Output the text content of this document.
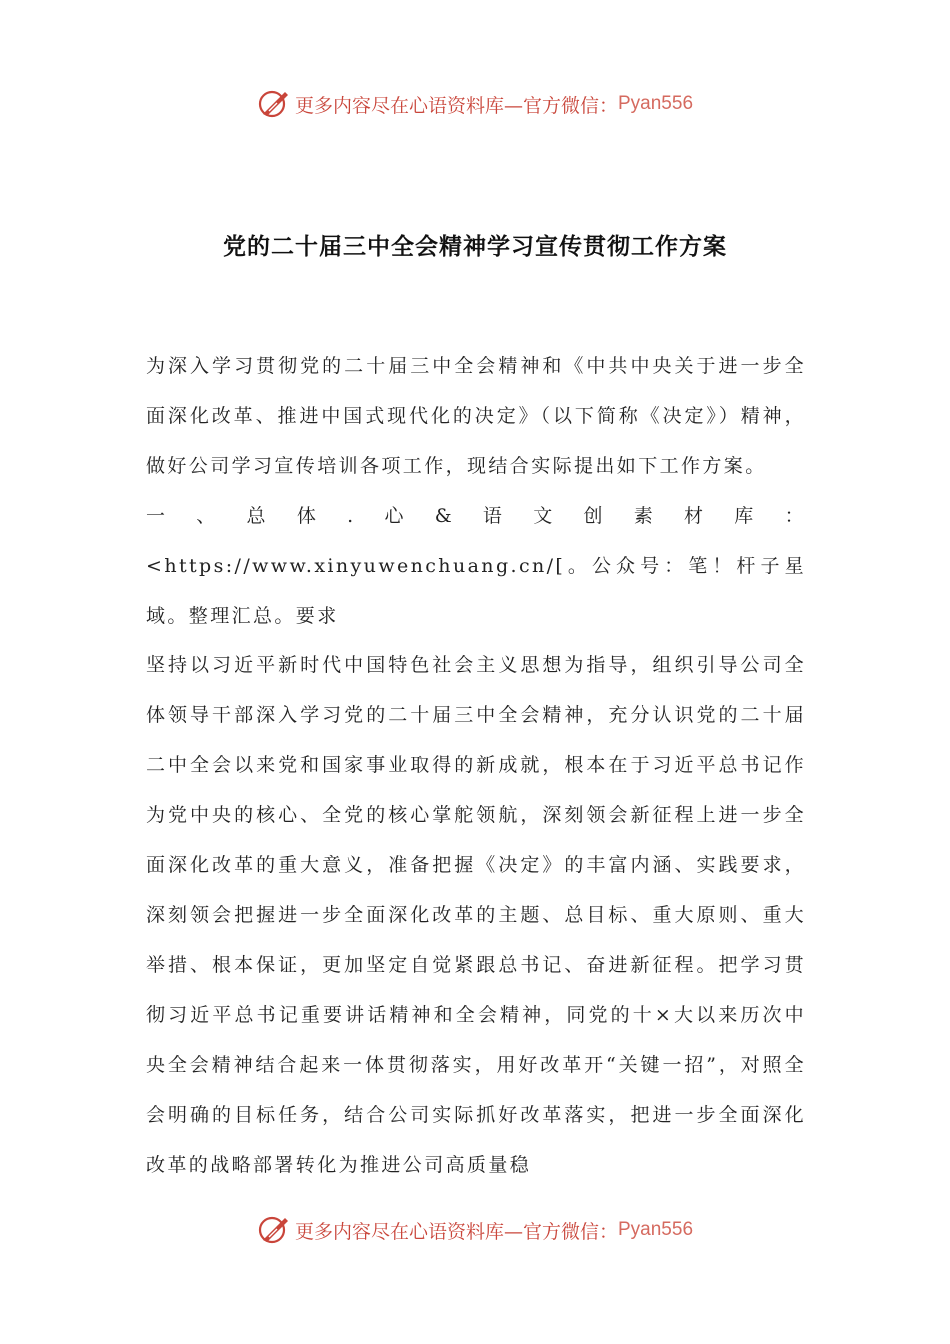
更多内容尽在心语资料库—官方微信： Pyan556
党的二十届三中全会精神学习宣传贯彻工作方案

为深入学习贯彻党的二十届三中全会精神和《中共中央关于进一步全面深化改革、推进中国式现代化的决定》（以下简称《决定》）精神，做好公司学习宣传培训各项工作，现结合实际提出如下工作方案。

一、总体.心&语文创素材库：<https://www.xinyuwenchuang.cn/[。公众号：笔！杆子星域。整理汇总。要求

坚持以习近平新时代中国特色社会主义思想为指导，组织引导公司全体领导干部深入学习党的二十届三中全会精神，充分认识党的二十届二中全会以来党和国家事业取得的新成就，根本在于习近平总书记作为党中央的核心、全党的核心掌舵领航，深刻领会新征程上进一步全面深化改革的重大意义，准备把握《决定》的丰富内涵、实践要求，深刻领会把握进一步全面深化改革的主题、总目标、重大原则、重大举措、根本保证，更加坚定自觉紧跟总书记、奋进新征程。把学习贯彻习近平总书记重要讲话精神和全会精神，同党的十×大以来历次中央全会精神结合起来一体贯彻落实，用好改革开“关键一招”，对照全会明确的目标任务，结合公司实际抓好改革落实，把进一步全面深化改革的战略部署转化为推进公司高质量稳

更多内容尽在心语资料库—官方微信： Pyan556
